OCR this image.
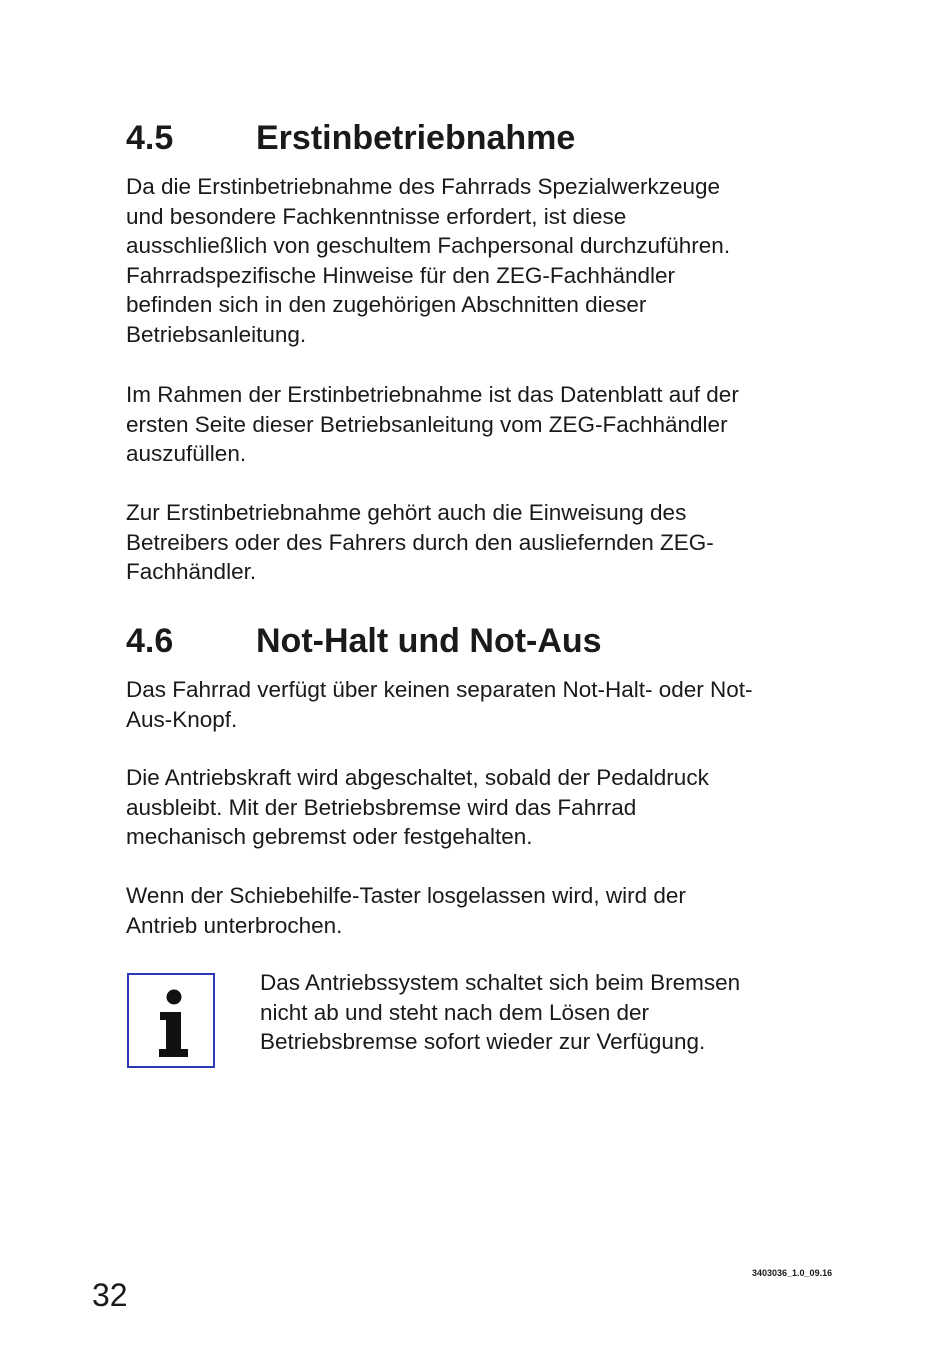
4.5 Erstinbetriebnahme

Da die Erstinbetriebnahme des Fahrrads Spezialwerkzeuge
und besondere Fachkenntnisse erfordert, ist diese
ausschließlich von geschultem Fachpersonal durchzuführen.
Fahrradspezifische Hinweise für den ZEG-Fachhändler
befinden sich in den zugehörigen Abschnitten dieser
Betriebsanleitung.

Im Rahmen der Erstinbetriebnahme ist das Datenblatt auf der
ersten Seite dieser Betriebsanleitung vom ZEG-Fachhändler
auszufüllen.

Zur Erstinbetriebnahme gehört auch die Einweisung des
Betreibers oder des Fahrers durch den ausliefernden ZEG-
Fachhändler.

4.6 Not-Halt und Not-Aus

Das Fahrrad verfügt über keinen separaten Not-Halt- oder Not-
Aus-Knopf.

Die Antriebskraft wird abgeschaltet, sobald der Pedaldruck
ausbleibt. Mit der Betriebsbremse wird das Fahrrad
mechanisch gebremst oder festgehalten.

Wenn der Schiebehilfe-Taster losgelassen wird, wird der
Antrieb unterbrochen.

Das Antriebssystem schaltet sich beim Bremsen
nicht ab und steht nach dem Lösen der
Betriebsbremse sofort wieder zur Verfügung.

32
3403036_1.0_09.16
